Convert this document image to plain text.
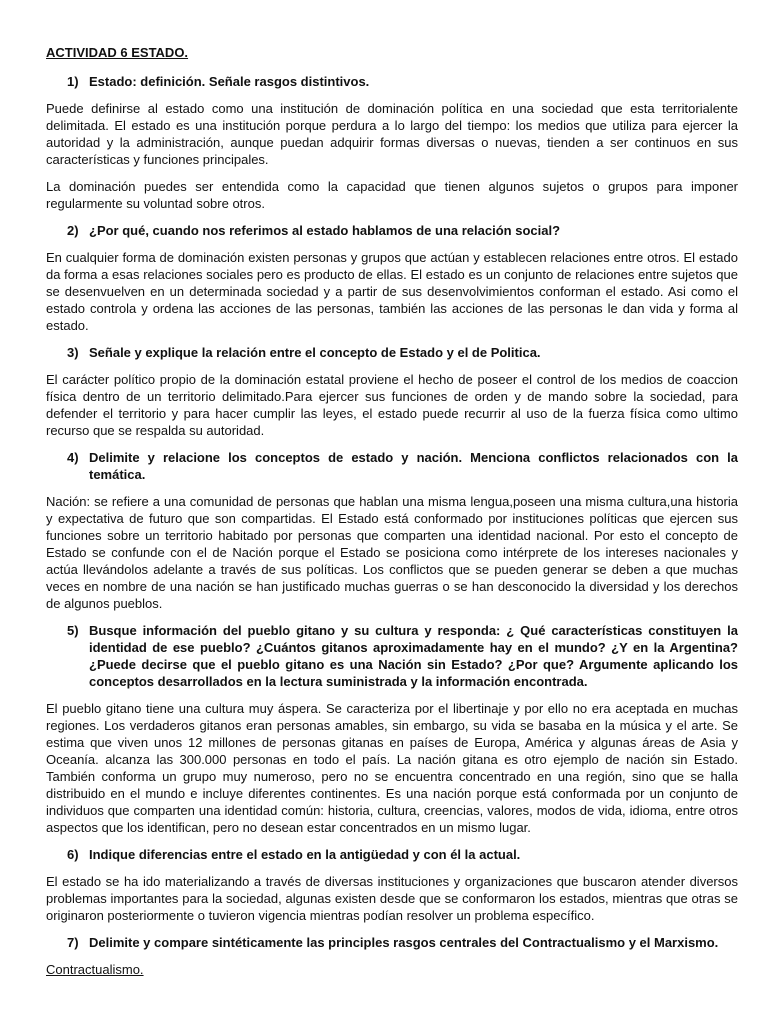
ACTIVIDAD 6 ESTADO.
1) Estado: definición. Señale rasgos distintivos.

Puede definirse al estado como una institución de dominación política en una sociedad que esta territorialente delimitada. El estado es una institución porque perdura a lo largo del tiempo: los medios que utiliza para ejercer la autoridad y la administración, aunque puedan adquirir formas diversas o nuevas, tienden a ser continuos en sus características y funciones principales.

La dominación puedes ser entendida como la capacidad que tienen algunos sujetos o grupos para imponer regularmente su voluntad sobre otros.

2) ¿Por qué, cuando nos referimos al estado hablamos de una relación social?

En cualquier forma de dominación existen personas y grupos que actúan y establecen relaciones entre otros. El estado da forma a esas relaciones sociales pero es producto de ellas. El estado es un conjunto de relaciones entre sujetos que se desenvuelven en un determinada sociedad y a partir de sus desenvolvimientos conforman el estado. Asi como el estado controla y ordena las acciones de las personas, también las acciones de las personas le dan vida y forma al estado.

3) Señale y explique la relación entre el concepto de Estado y el de Politica.

El carácter político propio de la dominación estatal proviene el hecho de poseer el control de los medios de coaccion física dentro de un territorio delimitado.Para ejercer sus funciones de orden y de mando sobre la sociedad, para defender el territorio y para hacer cumplir las leyes, el estado puede recurrir al uso de la fuerza física como ultimo recurso que se respalda su autoridad.

4) Delimite y relacione los conceptos de estado y nación. Menciona conflictos relacionados con la temática.

Nación: se refiere a una comunidad de personas que hablan una misma lengua,poseen una misma cultura,una historia y expectativa de futuro que son compartidas. El Estado está conformado por instituciones políticas que ejercen sus funciones sobre un territorio habitado por personas que comparten una identidad nacional. Por esto el concepto de Estado se confunde con el de Nación porque el Estado se posiciona como intérprete de los intereses nacionales y actúa llevándolos adelante a través de sus políticas. Los conflictos que se pueden generar se deben a que muchas veces en nombre de una nación se han justificado muchas guerras o se han desconocido la diversidad y los derechos de algunos pueblos.

5) Busque información del pueblo gitano y su cultura y responda: ¿ Qué características constituyen la identidad de ese pueblo? ¿Cuántos gitanos aproximadamente hay en el mundo? ¿Y en la Argentina? ¿Puede decirse que el pueblo gitano es una Nación sin Estado? ¿Por que? Argumente aplicando los conceptos desarrollados en la lectura suministrada y la información encontrada.

El pueblo gitano tiene una cultura muy áspera. Se caracteriza por el libertinaje y por ello no era aceptada en muchas regiones. Los verdaderos gitanos eran personas amables, sin embargo, su vida se basaba en la música y el arte. Se estima que viven unos 12 millones de personas gitanas en países de Europa, América y algunas áreas de Asia y Oceanía. alcanza las 300.000 personas en todo el país. La nación gitana es otro ejemplo de nación sin Estado. También conforma un grupo muy numeroso, pero no se encuentra concentrado en una región, sino que se halla distribuido en el mundo e incluye diferentes continentes. Es una nación porque está conformada por un conjunto de individuos que comparten una identidad común: historia, cultura, creencias, valores, modos de vida, idioma, entre otros aspectos que los identifican, pero no desean estar concentrados en un mismo lugar.

6) Indique diferencias entre el estado en la antigüedad y con él la actual.

El estado se ha ido materializando a través de diversas instituciones y organizaciones que buscaron atender diversos problemas importantes para la sociedad, algunas existen desde que se conformaron los estados, mientras que otras se originaron posteriormente o tuvieron vigencia mientras podían resolver un problema específico.

7) Delimite y compare sintéticamente las principles rasgos centrales del Contractualismo y el Marxismo.

Contractualismo.
